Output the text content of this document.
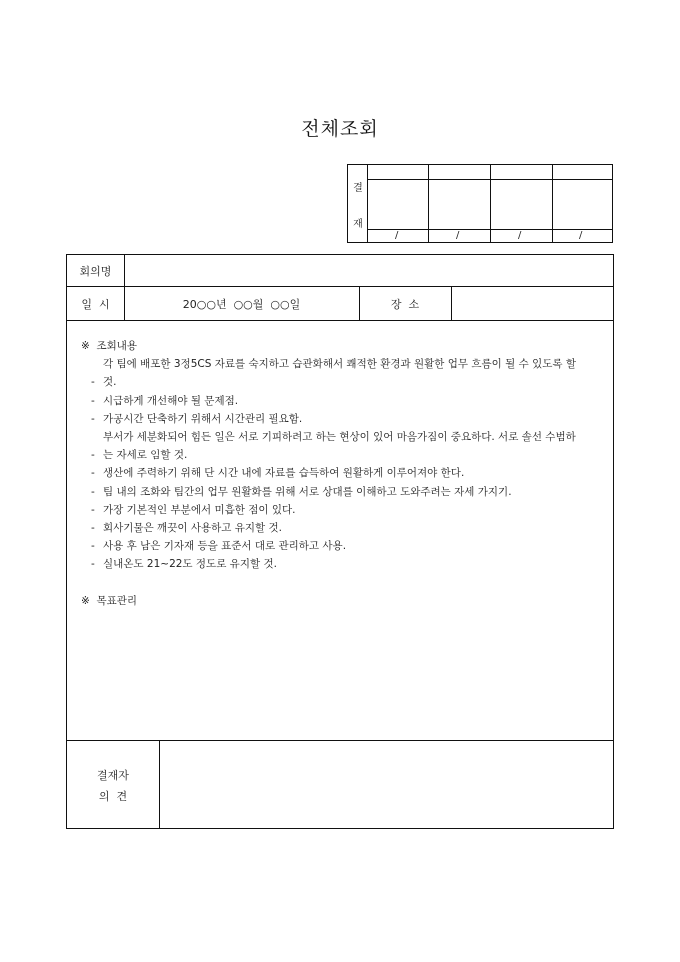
전체조회
결
재
/	/	/	/
회의명
일  시	20○○년  ○○월  ○○일	장  소

※  조회내용

-각 팀에 배포한 3정5CS 자료를 숙지하고 습관화해서 쾌적한 환경과 원활한 업무 흐름이 될 수 있도록 할 것.

- 시급하게 개선해야 될 문제점.

- 가공시간 단축하기 위해서 시간관리 필요함.

-부서가 세분화되어 힘든 일은 서로 기피하려고 하는 현상이 있어 마음가짐이 중요하다. 서로 솔선 수범하는 자세로 임할 것.

- 생산에 주력하기 위해 단 시간 내에 자료를 습득하여 원활하게 이루어져야 한다.

- 팀 내의 조화와 팀간의 업무 원활화를 위해 서로 상대를 이해하고 도와주려는 자세 가지기.

- 가장 기본적인 부분에서 미흡한 점이 있다.

- 회사기물은 깨끗이 사용하고 유지할 것.

- 사용 후 남은 기자재 등을 표준서 대로 관리하고 사용.

- 실내온도 21~22도 정도로 유지할 것.

※  목표관리

결재자
의  견
